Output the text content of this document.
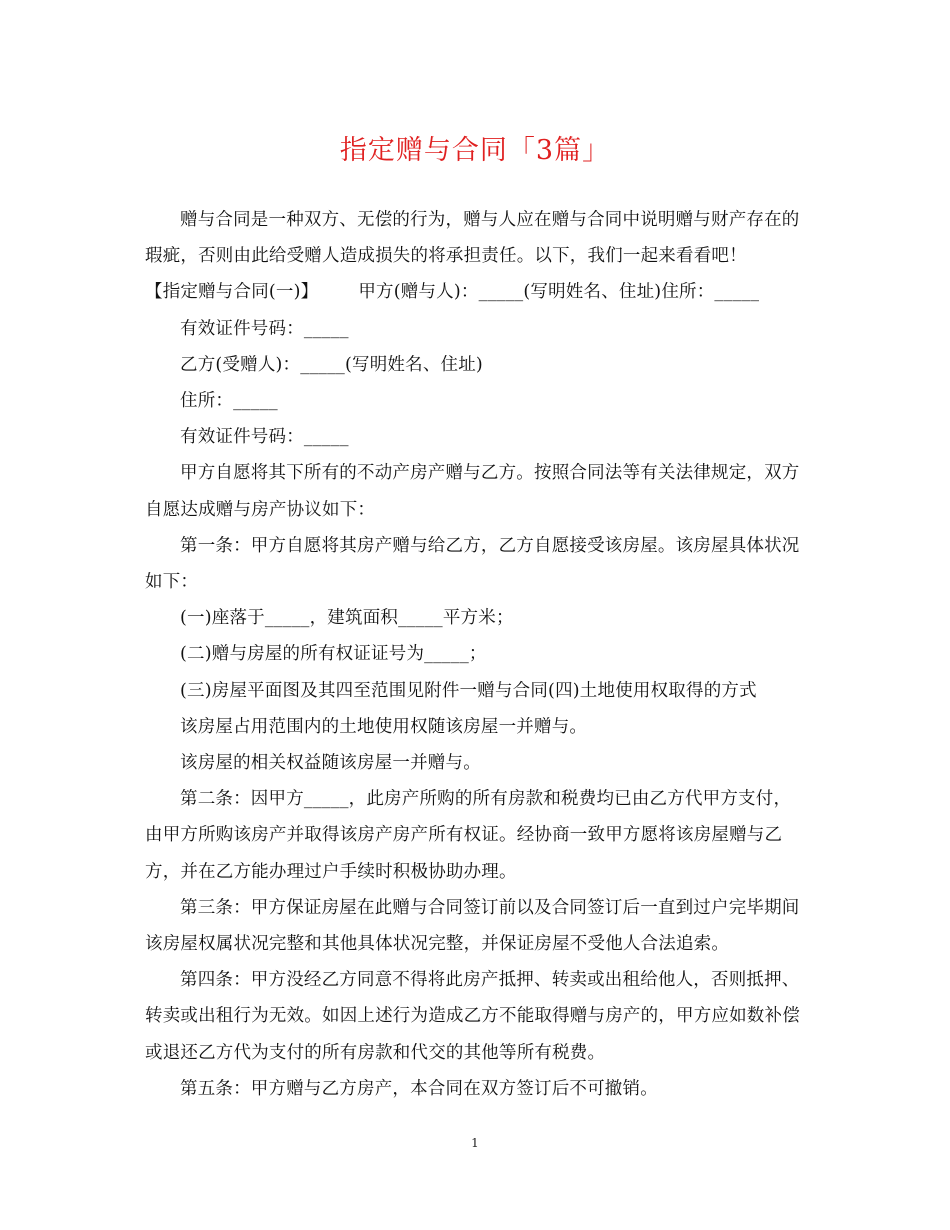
指定赠与合同「3篇」

赠与合同是一种双方、无偿的行为，赠与人应在赠与合同中说明赠与财产存在的瑕疵，否则由此给受赠人造成损失的将承担责任。以下，我们一起来看看吧！

【指定赠与合同(一)】 甲方(赠与人)：_____(写明姓名、住址)住所：_____

有效证件号码：_____

乙方(受赠人)：_____(写明姓名、住址)

住所：_____

有效证件号码：_____

甲方自愿将其下所有的不动产房产赠与乙方。按照合同法等有关法律规定，双方自愿达成赠与房产协议如下：

第一条：甲方自愿将其房产赠与给乙方，乙方自愿接受该房屋。该房屋具体状况如下：

(一)座落于_____，建筑面积_____平方米；

(二)赠与房屋的所有权证证号为_____；

(三)房屋平面图及其四至范围见附件一赠与合同(四)土地使用权取得的方式

该房屋占用范围内的土地使用权随该房屋一并赠与。

该房屋的相关权益随该房屋一并赠与。

第二条：因甲方_____，此房产所购的所有房款和税费均已由乙方代甲方支付，由甲方所购该房产并取得该房产房产所有权证。经协商一致甲方愿将该房屋赠与乙方，并在乙方能办理过户手续时积极协助办理。

第三条：甲方保证房屋在此赠与合同签订前以及合同签订后一直到过户完毕期间该房屋权属状况完整和其他具体状况完整，并保证房屋不受他人合法追索。

第四条：甲方没经乙方同意不得将此房产抵押、转卖或出租给他人，否则抵押、转卖或出租行为无效。如因上述行为造成乙方不能取得赠与房产的，甲方应如数补偿或退还乙方代为支付的所有房款和代交的其他等所有税费。

第五条：甲方赠与乙方房产，本合同在双方签订后不可撤销。

1
